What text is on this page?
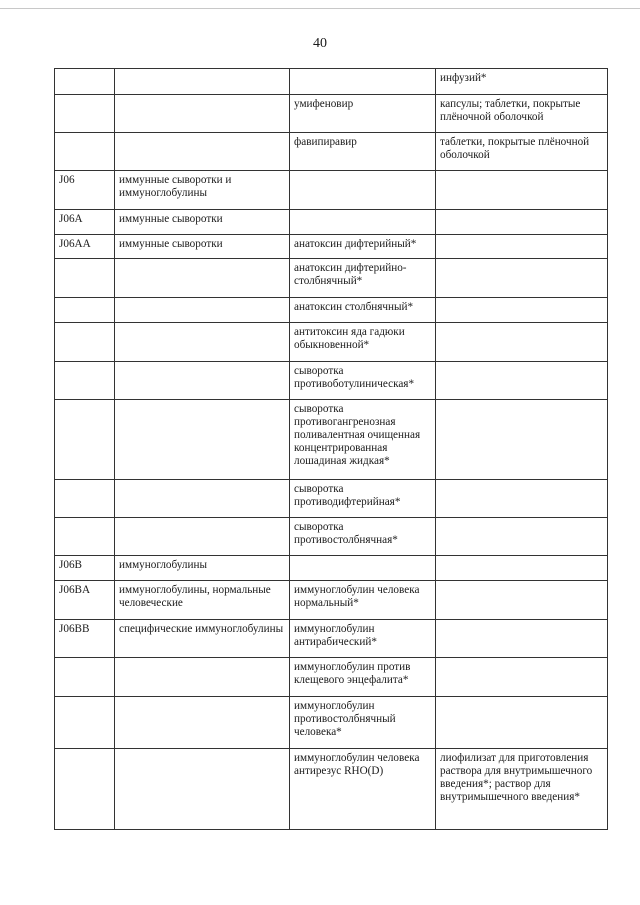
40
			инфузий*
		умифеновир	капсулы; таблетки, покрытые плёночной оболочкой
		фавипиравир	таблетки, покрытые плёночной оболочкой
J06	иммунные сыворотки и иммуноглобулины		
J06A	иммунные сыворотки		
J06AA	иммунные сыворотки	анатоксин дифтерийный*	
		анатоксин дифтерийно-столбнячный*	
		анатоксин столбнячный*	
		антитоксин яда гадюки обыкновенной*	
		сыворотка противоботулиническая*	
		сыворотка противогангренозная поливалентная очищенная концентрированная лошадиная жидкая*	
		сыворотка противодифтерийная*	
		сыворотка противостолбнячная*	
J06B	иммуноглобулины		
J06BA	иммуноглобулины, нормальные человеческие	иммуноглобулин человека нормальный*	
J06BB	специфические иммуноглобулины	иммуноглобулин антирабический*	
		иммуноглобулин против клещевого энцефалита*	
		иммуноглобулин противостолбнячный человека*	
		иммуноглобулин человека антирезус RHO(D)	лиофилизат для приготовления раствора для внутримышечного введения*; раствор для внутримышечного введения*
